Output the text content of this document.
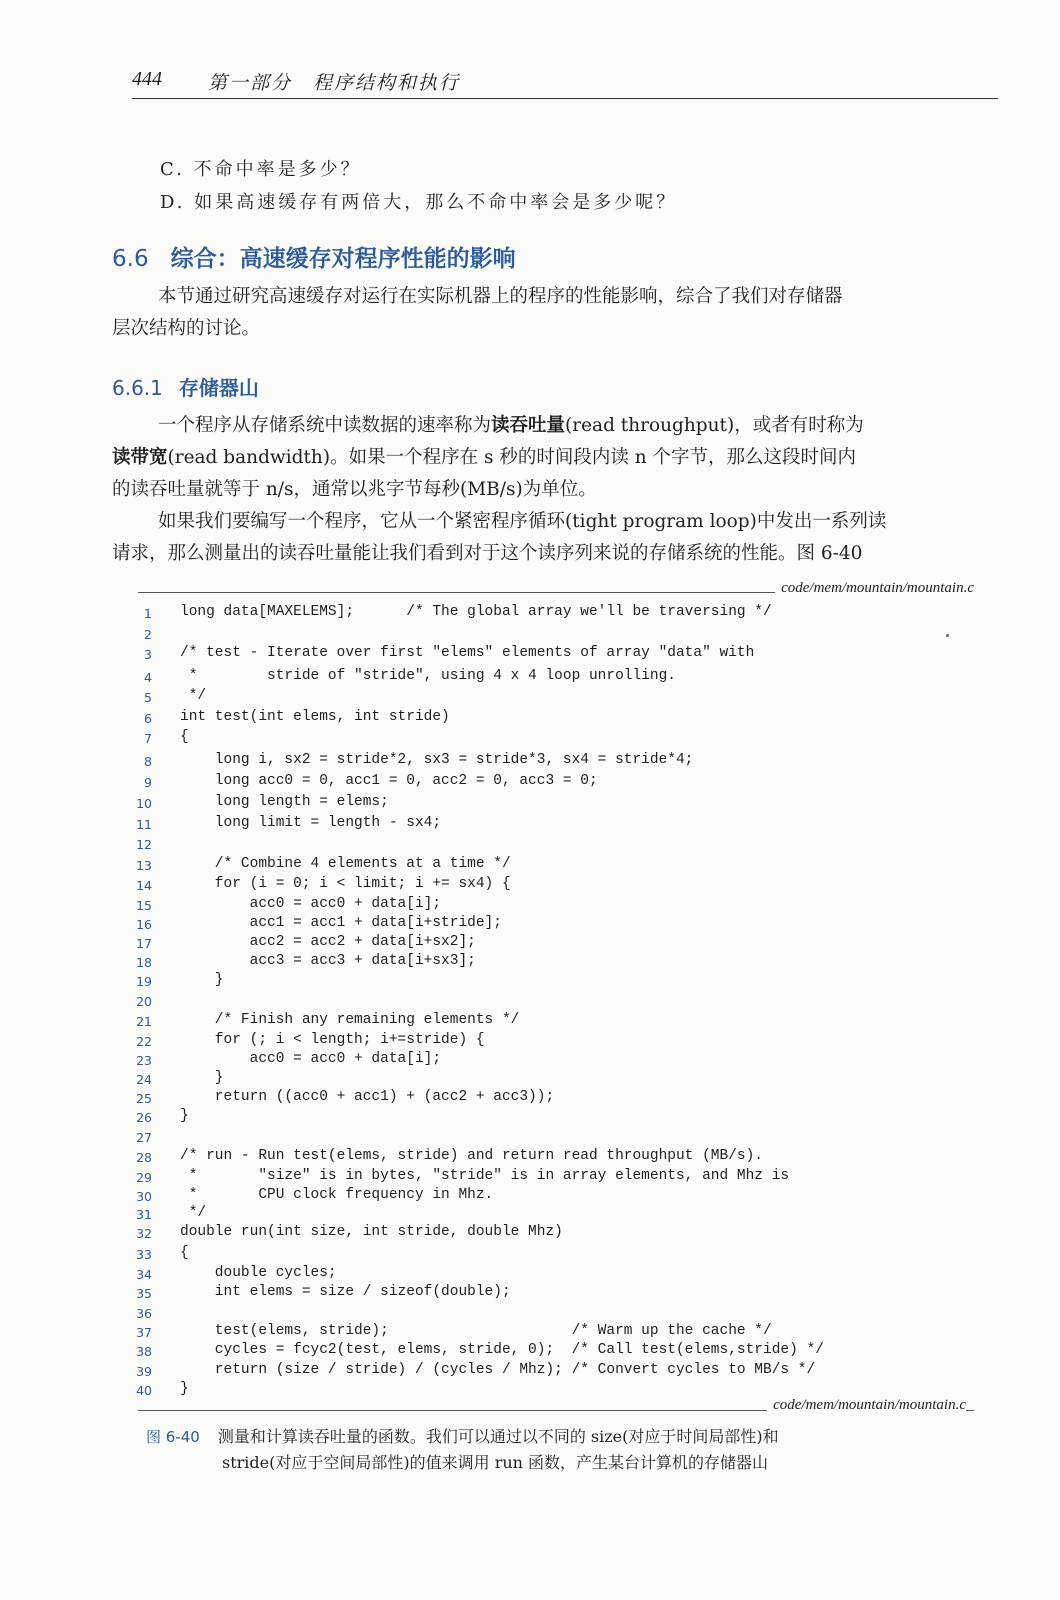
444 第一部分　程序结构和执行
C. 不命中率是多少？
D. 如果高速缓存有两倍大，那么不命中率会是多少呢？
6.6 综合：高速缓存对程序性能的影响
本节通过研究高速缓存对运行在实际机器上的程序的性能影响，综合了我们对存储器
层次结构的讨论。
6.6.1 存储器山
一个程序从存储系统中读数据的速率称为读吞吐量(read throughput)，或者有时称为
读带宽(read bandwidth)。如果一个程序在 s 秒的时间段内读 n 个字节，那么这段时间内
的读吞吐量就等于 n/s，通常以兆字节每秒(MB/s)为单位。
如果我们要编写一个程序，它从一个紧密程序循环(tight program loop)中发出一系列读
请求，那么测量出的读吞吐量能让我们看到对于这个读序列来说的存储系统的性能。图 6-40
code/mem/mountain/mountain.c
1 long data[MAXELEMS];      /* The global array we'll be traversing */
2
3 /* test - Iterate over first "elems" elements of array "data" with
4 *        stride of "stride", using 4 x 4 loop unrolling.
5 */
6 int test(int elems, int stride)
7 {
8 long i, sx2 = stride*2, sx3 = stride*3, sx4 = stride*4;
9 long acc0 = 0, acc1 = 0, acc2 = 0, acc3 = 0;
10 long length = elems;
11 long limit = length - sx4;
12
13 /* Combine 4 elements at a time */
14 for (i = 0; i < limit; i += sx4) {
15 acc0 = acc0 + data[i];
16 acc1 = acc1 + data[i+stride];
17 acc2 = acc2 + data[i+sx2];
18 acc3 = acc3 + data[i+sx3];
19 }
20
21 /* Finish any remaining elements */
22 for (; i < length; i+=stride) {
23 acc0 = acc0 + data[i];
24 }
25 return ((acc0 + acc1) + (acc2 + acc3));
26 }
27
28 /* run - Run test(elems, stride) and return read throughput (MB/s).
29 *       "size" is in bytes, "stride" is in array elements, and Mhz is
30 *       CPU clock frequency in Mhz.
31 */
32 double run(int size, int stride, double Mhz)
33 {
34 double cycles;
35 int elems = size / sizeof(double);
36
37 test(elems, stride);                     /* Warm up the cache */
38 cycles = fcyc2(test, elems, stride, 0);  /* Call test(elems,stride) */
39 return (size / stride) / (cycles / Mhz); /* Convert cycles to MB/s */
40 }
code/mem/mountain/mountain.c
图 6-40 测量和计算读吞吐量的函数。我们可以通过以不同的 size(对应于时间局部性)和
stride(对应于空间局部性)的值来调用 run 函数，产生某台计算机的存储器山
